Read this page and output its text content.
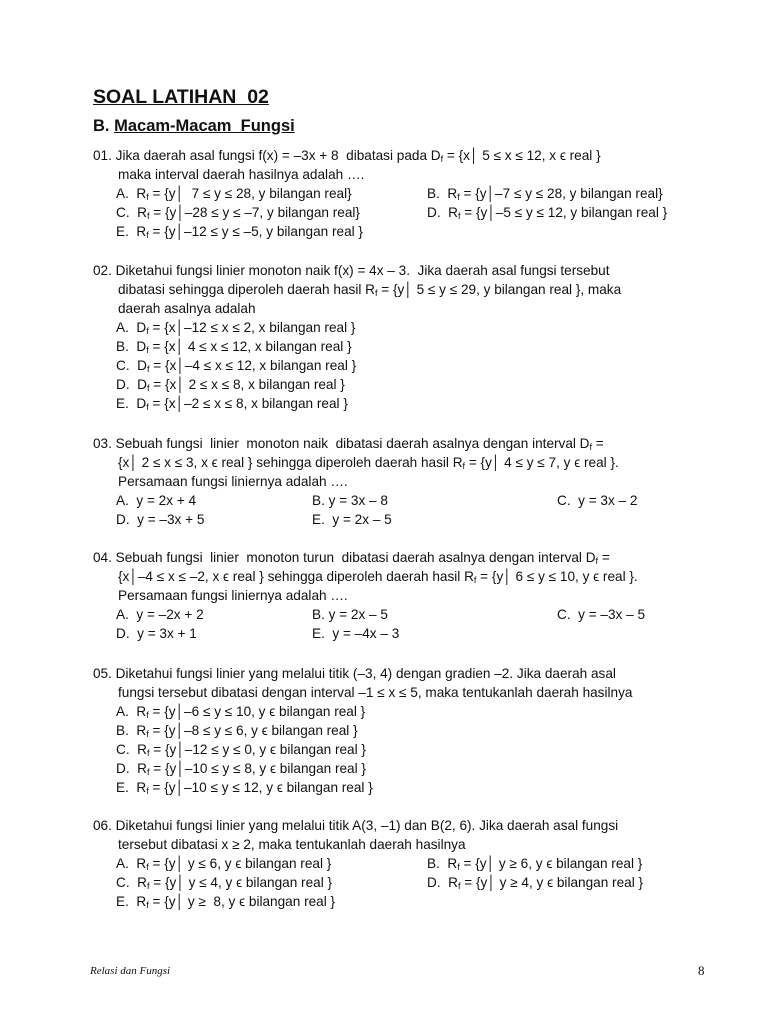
SOAL LATIHAN  02
B. Macam-Macam  Fungsi

01. Jika daerah asal fungsi f(x) = –3x + 8  dibatasi pada $D_f$ = {x│ 5 ≤ x ≤ 12, x ϵ real }

maka interval daerah hasilnya adalah ….

A.  $R_f$ = {y│  7 ≤ y ≤ 28, y bilangan real}	B.  $R_f$ = {y│–7 ≤ y ≤ 28, y bilangan real}

C.  $R_f$ = {y│–28 ≤ y ≤ –7, y bilangan real}	D.  $R_f$ = {y│–5 ≤ y ≤ 12, y bilangan real }

E.  $R_f$ = {y│–12 ≤ y ≤ –5, y bilangan real }

02. Diketahui fungsi linier monoton naik f(x) = 4x – 3.  Jika daerah asal fungsi tersebut

dibatasi sehingga diperoleh daerah hasil $R_f$ = {y│ 5 ≤ y ≤ 29, y bilangan real }, maka

daerah asalnya adalah

A.  $D_f$ = {x│–12 ≤ x ≤ 2, x bilangan real }

B.  $D_f$ = {x│ 4 ≤ x ≤ 12, x bilangan real }

C.  $D_f$ = {x│–4 ≤ x ≤ 12, x bilangan real }

D.  $D_f$ = {x│ 2 ≤ x ≤ 8, x bilangan real }

E.  $D_f$ = {x│–2 ≤ x ≤ 8, x bilangan real }

03. Sebuah fungsi  linier  monoton naik  dibatasi daerah asalnya dengan interval $D_f$ =

{x│ 2 ≤ x ≤ 3, x ϵ real } sehingga diperoleh daerah hasil $R_f$ = {y│ 4 ≤ y ≤ 7, y ϵ real }.

Persamaan fungsi liniernya adalah ….

A.  y = 2x + 4	B. y = 3x – 8	C.  y = 3x – 2

D.  y = –3x + 5	E.  y = 2x – 5

04. Sebuah fungsi  linier  monoton turun  dibatasi daerah asalnya dengan interval $D_f$ =

{x│–4 ≤ x ≤ –2, x ϵ real } sehingga diperoleh daerah hasil $R_f$ = {y│ 6 ≤ y ≤ 10, y ϵ real }.

Persamaan fungsi liniernya adalah ….

A.  y = –2x + 2	B. y = 2x – 5	C.  y = –3x – 5

D.  y = 3x + 1	E.  y = –4x – 3

05. Diketahui fungsi linier yang melalui titik (–3, 4) dengan gradien –2. Jika daerah asal

fungsi tersebut dibatasi dengan interval –1 ≤ x ≤ 5, maka tentukanlah daerah hasilnya

A.  $R_f$ = {y│–6 ≤ y ≤ 10, y ϵ bilangan real }

B.  $R_f$ = {y│–8 ≤ y ≤ 6, y ϵ bilangan real }

C.  $R_f$ = {y│–12 ≤ y ≤ 0, y ϵ bilangan real }

D.  $R_f$ = {y│–10 ≤ y ≤ 8, y ϵ bilangan real }

E.  $R_f$ = {y│–10 ≤ y ≤ 12, y ϵ bilangan real }

06. Diketahui fungsi linier yang melalui titik A(3, –1) dan B(2, 6). Jika daerah asal fungsi

tersebut dibatasi x ≥ 2, maka tentukanlah daerah hasilnya

A.  $R_f$ = {y│ y ≤ 6, y ϵ bilangan real }	B.  $R_f$ = {y│ y ≥ 6, y ϵ bilangan real }

C.  $R_f$ = {y│ y ≤ 4, y ϵ bilangan real }	D.  $R_f$ = {y│ y ≥ 4, y ϵ bilangan real }

E.  $R_f$ = {y│ y ≥  8, y ϵ bilangan real }

Relasi dan Fungsi	8
